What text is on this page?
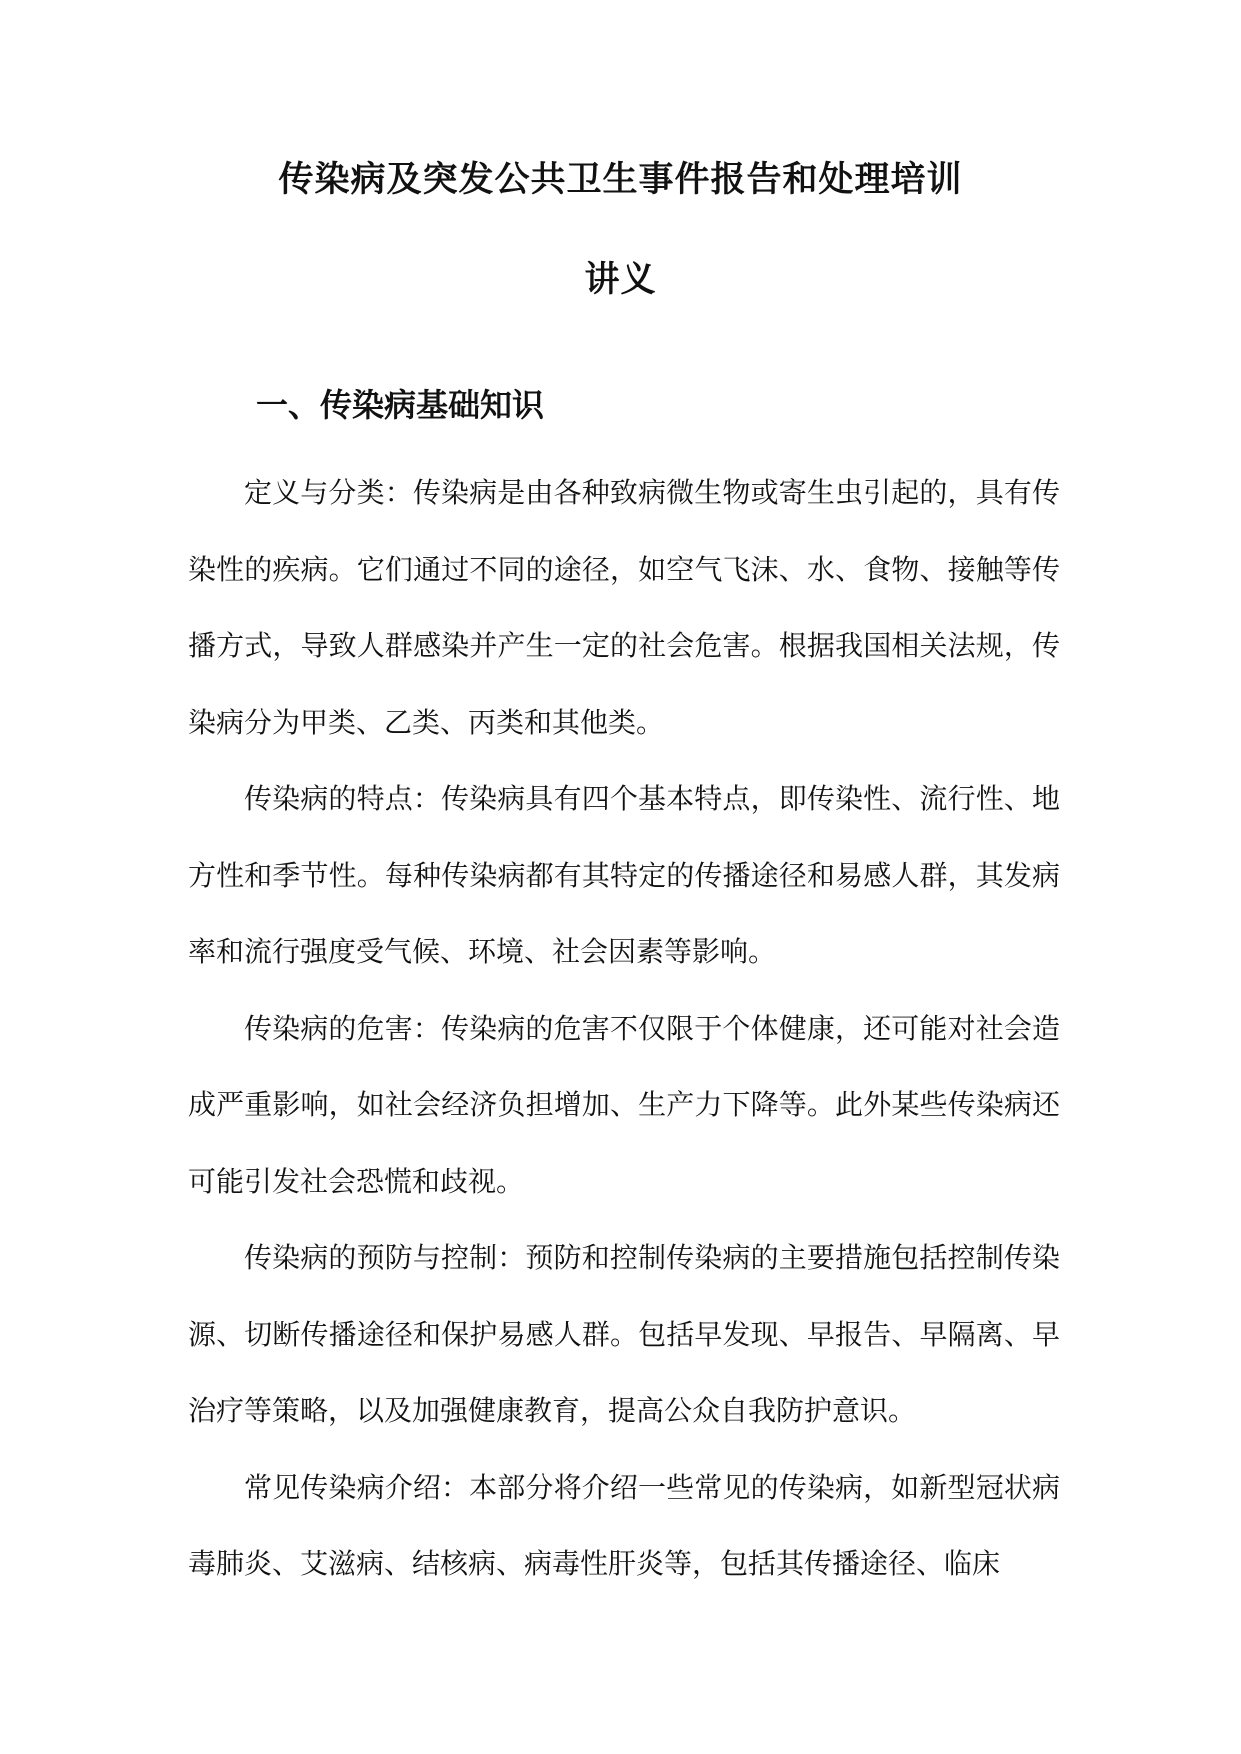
传染病及突发公共卫生事件报告和处理培训
讲义
一、传染病基础知识

定义与分类：传染病是由各种致病微生物或寄生虫引起的，具有传染性的疾病。它们通过不同的途径，如空气飞沫、水、食物、接触等传播方式，导致人群感染并产生一定的社会危害。根据我国相关法规，传染病分为甲类、乙类、丙类和其他类。

传染病的特点：传染病具有四个基本特点，即传染性、流行性、地方性和季节性。每种传染病都有其特定的传播途径和易感人群，其发病率和流行强度受气候、环境、社会因素等影响。

传染病的危害：传染病的危害不仅限于个体健康，还可能对社会造成严重影响，如社会经济负担增加、生产力下降等。此外某些传染病还可能引发社会恐慌和歧视。

传染病的预防与控制：预防和控制传染病的主要措施包括控制传染源、切断传播途径和保护易感人群。包括早发现、早报告、早隔离、早治疗等策略，以及加强健康教育，提高公众自我防护意识。

常见传染病介绍：本部分将介绍一些常见的传染病，如新型冠状病毒肺炎、艾滋病、结核病、病毒性肝炎等，包括其传播途径、临床
